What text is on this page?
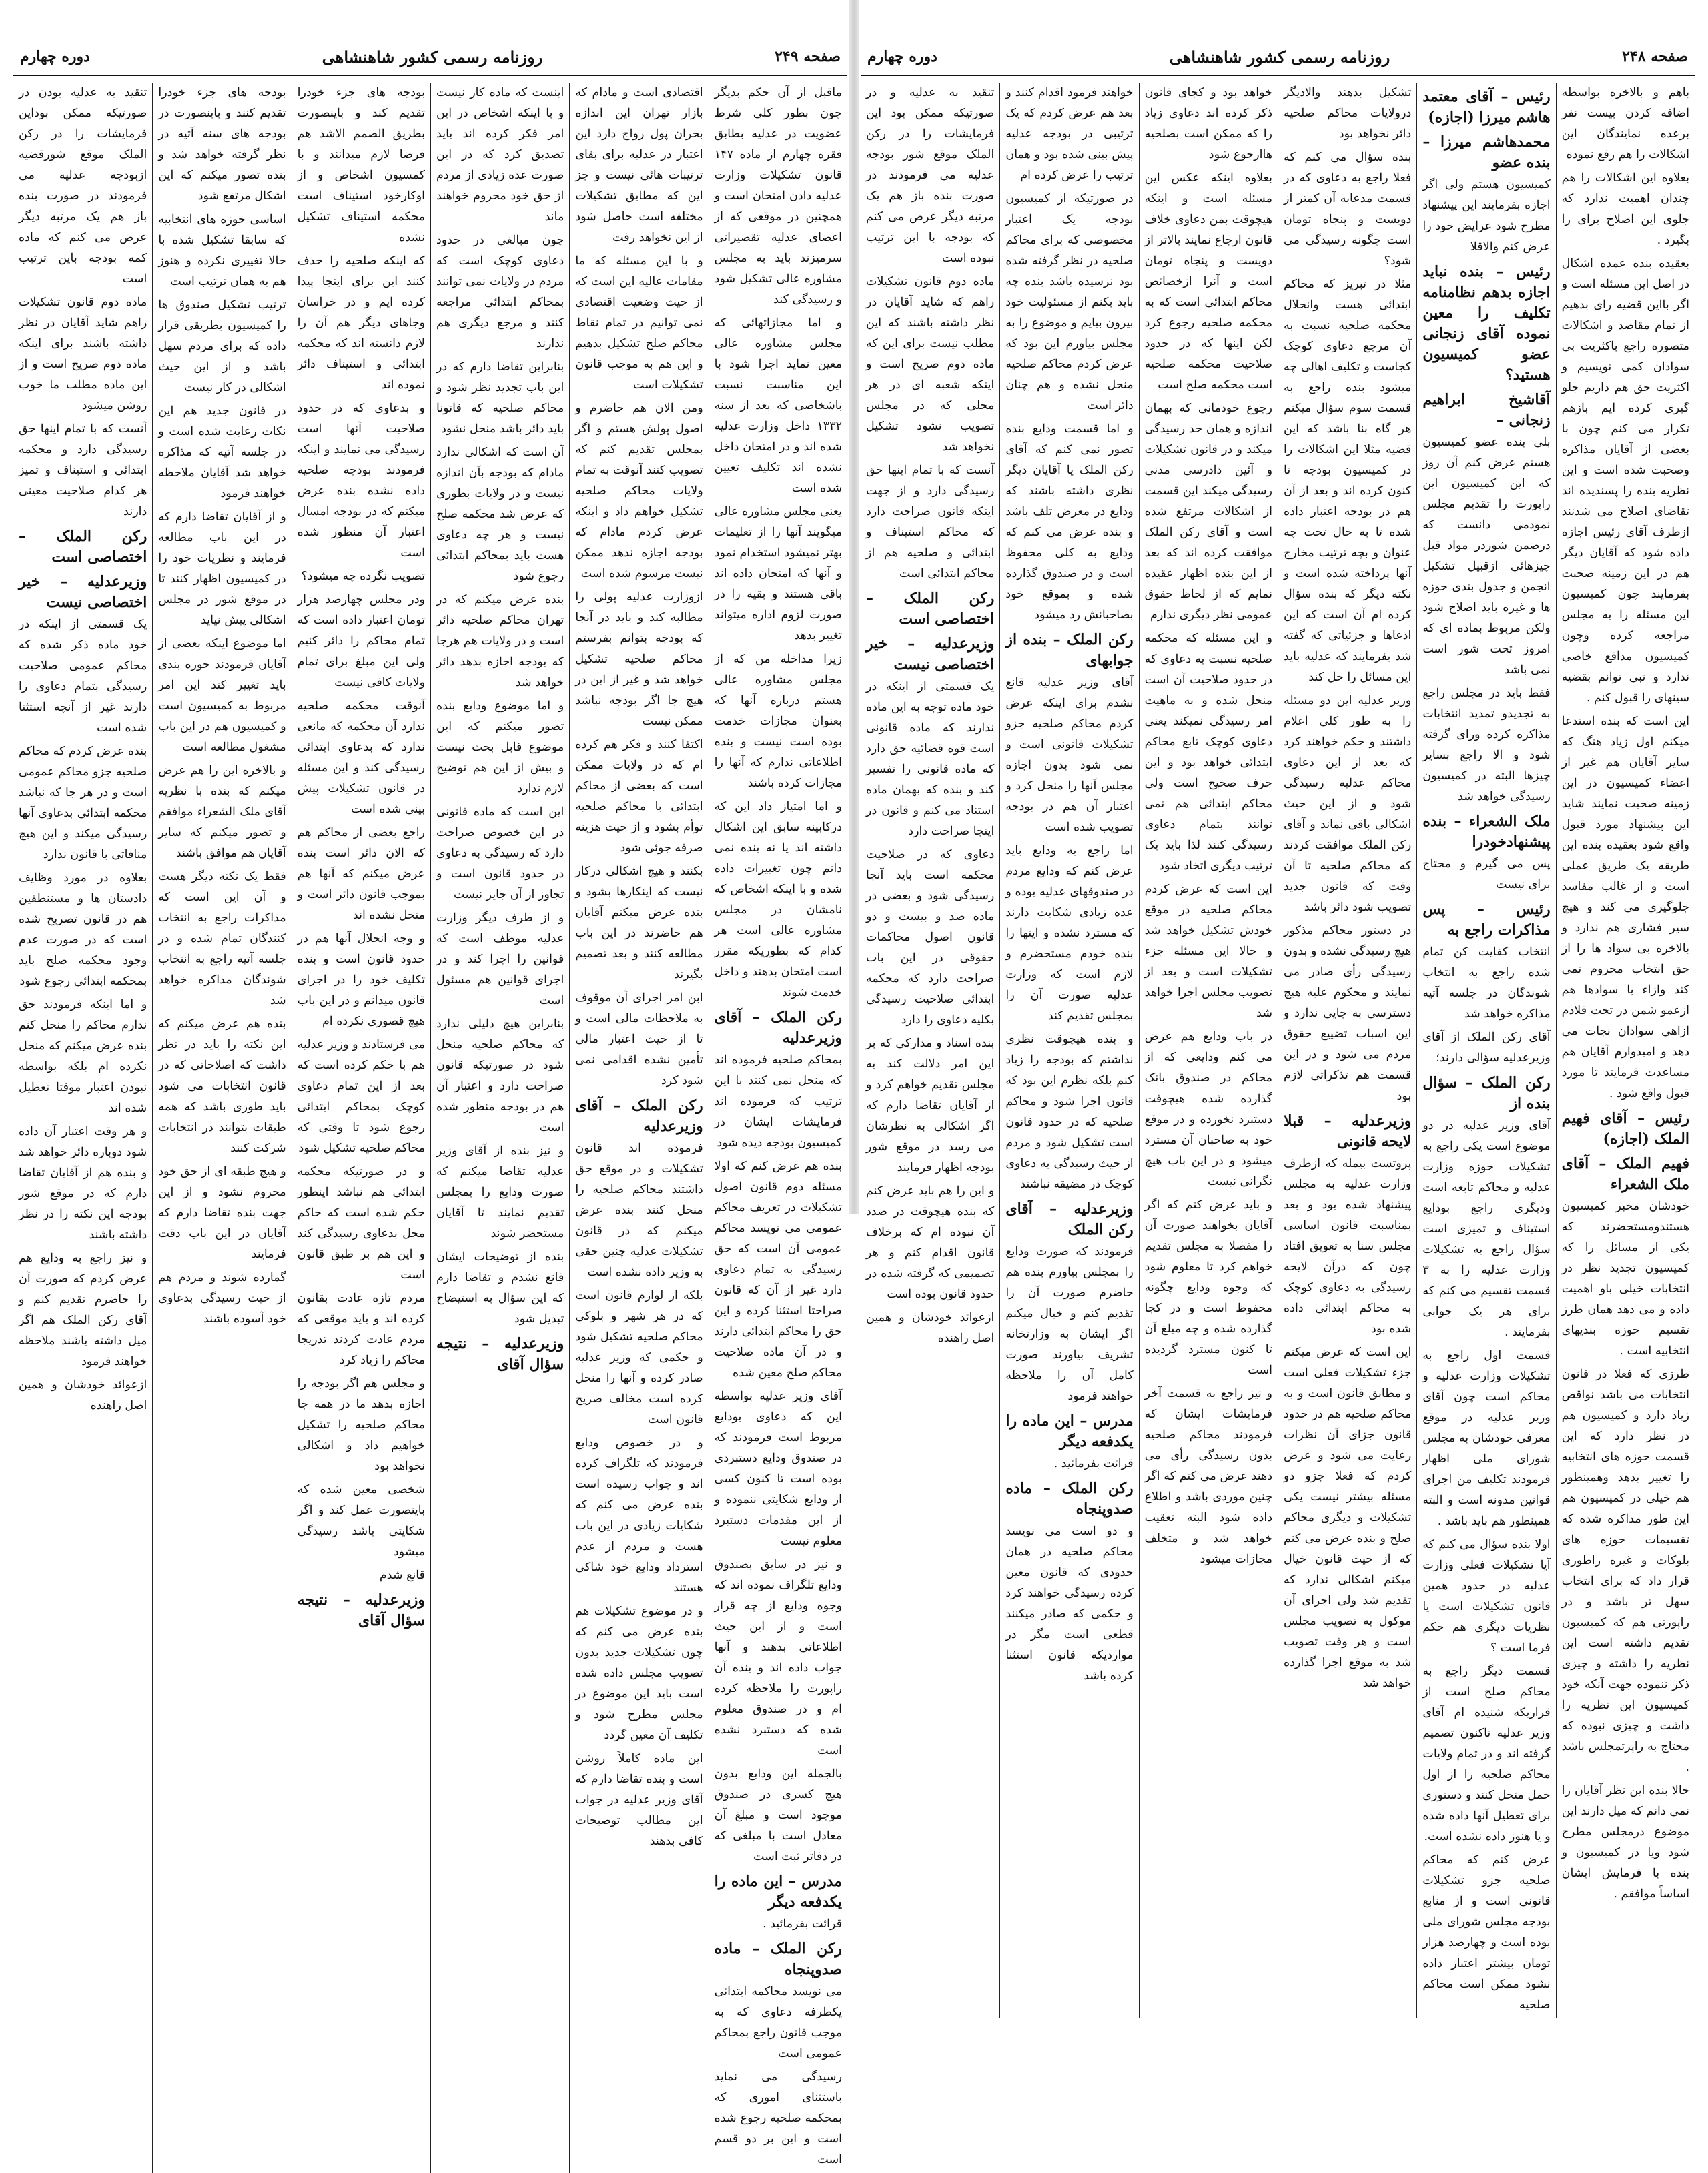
صفحه ۲۴۹
روزنامه رسمی کشور شاهنشاهی
دوره چهارم

ماقبل از آن حکم بدیگر چون بطور کلی شرط عضویت در عدلیه بطابق فقره چهارم از ماده ۱۴۷ قانون تشکیلات وزارت عدلیه دادن امتحان است و همچنین در موقعی که از اعضای عدلیه تقصیراتی سرمیزند باید به مجلس مشاوره عالی تشکیل شود و رسیدگی کند

و اما مجازاتهائی که مجلس مشاوره عالی معین نماید اجرا شود با این مناسبت نسبت باشخاصی که بعد از سنه ۱۳۳۲ داخل وزارت عدلیه شده اند و در امتحان داخل نشده اند تکلیف تعیین شده است

یعنی مجلس مشاوره عالی میگویند آنها را از تعلیمات بهتر نمیشود استخدام نمود و آنها که امتحان داده اند باقی هستند و بقیه را در صورت لزوم اداره میتواند تغییر بدهد

زیرا مداخله من که از مجلس مشاوره عالی هستم درباره آنها که بعنوان مجازات خدمت بوده است نیست و بنده اطلاعاتی ندارم که آنها را مجازات کرده باشند

و اما امتیاز داد این که درکابینه سابق این اشکال داشته اند یا نه بنده نمی دانم چون تغییرات داده شده و با اینکه اشخاص که نامشان در مجلس مشاوره عالی است هر کدام که بطوریکه مقرر است امتحان بدهند و داخل خدمت شوند

رکن الملک – آقای وزیرعدلیه

بمحاکم صلحیه فرموده اند که منحل نمی کنند با این ترتیب که فرموده اند فرمایشات ایشان در کمیسیون بودجه دیده شود

بنده هم عرض کنم که اولا مسئله دوم قانون اصول تشکیلات در تعریف محاکم عمومی می نویسد محاکم عمومی آن است که حق رسیدگی به تمام دعاوی دارد غیر از آن که قانون صراحتا استثنا کرده و این حق را محاکم ابتدائی دارند و در آن ماده صلاحیت محاکم صلح معین شده

آقای وزیر عدلیه بواسطه این که دعاوی بودایع مربوط است فرمودند که در صندوق ودایع دستبردی بوده است تا کنون کسی از ودایع شکایتی ننموده و از این مقدمات دستبرد معلوم نیست

و نیز در سابق بصندوق ودایع تلگراف نموده اند که وجوه ودایع از چه قرار است و از این حیث اطلاعاتی بدهند و آنها جواب داده اند و بنده آن راپورت را ملاحظه کرده ام و در صندوق معلوم شده که دستبرد نشده است

بالجمله این ودایع بدون هیچ کسری در صندوق موجود است و مبلغ آن معادل است با مبلغی که در دفاتر ثبت است

مدرس – این ماده را یکدفعه دیگر

قرائت بفرمائید .

رکن الملک – ماده صدوپنجاه

می نویسد محاکمه ابتدائی یکطرفه دعاوی که به موجب قانون راجع بمحاکم عمومی است

رسیدگی می نماید باستثنای اموری که بمحکمه صلحیه رجوع شده است و این بر دو قسم است

اقتصادی است و مادام که بازار تهران این اندازه بحران پول رواج دارد این اعتبار در عدلیه برای بقای ترتیبات هائی نیست و جز این که مطابق تشکیلات مختلفه است حاصل شود از این نخواهد رفت

و با این مسئله که ما مقامات عالیه این است که از حیث وضعیت اقتصادی نمی توانیم در تمام نقاط محاکم صلح تشکیل بدهیم و این هم به موجب قانون تشکیلات است

ومن الان هم حاضرم و اصول پولش هستم و اگر بمجلس تقدیم کنم که تصویب کنند آنوقت به تمام ولایات محاکم صلحیه تشکیل خواهم داد و اینکه عرض کردم مادام که بودجه اجازه ندهد ممکن نیست مرسوم شده است

ازوزارت عدلیه پولی را مطالبه کند و باید در آنجا که بودجه بتوانم بفرستم محاکم صلحیه تشکیل خواهد شد و غیر از این در هیچ جا اگر بودجه نباشد ممکن نیست

اکتفا کنند و فکر هم کرده ام که در ولایات ممکن است که بعضی از محاکم ابتدائی با محاکم صلحیه توأم بشود و از حیث هزینه صرفه جوئی شود

بکنند و هیچ اشکالی درکار نیست که اینکارها بشود و بنده عرض میکنم آقایان هم حاضرند در این باب مطالعه کنند و بعد تصمیم بگیرند

ابن امر اجرای آن موقوف به ملاحظات مالی است و تا از حیث اعتبار مالی تأمین نشده اقدامی نمی شود کرد

رکن الملک – آقای وزیرعدلیه

فرموده اند قانون تشکیلات و در موقع حق داشتند محاکم صلحیه را منحل کنند بنده عرض میکنم که در قانون تشکیلات عدلیه چنین حقی به وزیر داده نشده است

بلکه از لوازم قانون است که در هر شهر و بلوکی محاکم صلحیه تشکیل شود و حکمی که وزیر عدلیه صادر کرده و آنها را منحل کرده است مخالف صریح قانون است

و در خصوص ودایع فرمودند که تلگراف کرده اند و جواب رسیده است بنده عرض می کنم که شکایات زیادی در این باب هست و مردم از عدم استرداد ودایع خود شاکی هستند

و در موضوع تشکیلات هم بنده عرض می کنم که چون تشکیلات جدید بدون تصویب مجلس داده شده است باید این موضوع در مجلس مطرح شود و تکلیف آن معین گردد

این ماده کاملاً روشن است و بنده تقاضا دارم که آقای وزیر عدلیه در جواب این مطالب توضیحات کافی بدهند

اینست که ماده کار نیست و با اینکه اشخاص در این امر فکر کرده اند باید تصدیق کرد که در این صورت عده زیادی از مردم از حق خود محروم خواهند ماند

چون مبالغی در حدود دعاوی کوچک است که مردم در ولایات نمی توانند بمحاکم ابتدائی مراجعه کنند و مرجع دیگری هم ندارند

بنابراین تقاضا دارم که در این باب تجدید نظر شود و محاکم صلحیه که قانونا باید دائر باشد منحل نشود

آن است که اشکالی ندارد مادام که بودجه بآن اندازه نیست و در ولایات بطوری که عرض شد محکمه صلح نیست و هر چه دعاوی هست باید بمحاکم ابتدائی رجوع شود

بنده عرض میکنم که در تهران محاکم صلحیه دائر است و در ولایات هم هرجا که بودجه اجازه بدهد دائر خواهد شد

و اما موضوع ودایع بنده تصور میکنم که این موضوع قابل بحث نیست و بیش از این هم توضیح لازم ندارد

این است که ماده قانونی در این خصوص صراحت دارد که رسیدگی به دعاوی در حدود قانون است و تجاوز از آن جایز نیست

و از طرف دیگر وزارت عدلیه موظف است که قوانین را اجرا کند و در اجرای قوانین هم مسئول است

بنابراین هیچ دلیلی ندارد که محاکم صلحیه منحل شود در صورتیکه قانون صراحت دارد و اعتبار آن هم در بودجه منظور شده است

و نیز بنده از آقای وزیر عدلیه تقاضا میکنم که صورت ودایع را بمجلس تقدیم نمایند تا آقایان مستحضر شوند

بنده از توضیحات ایشان قانع نشدم و تقاضا دارم که این سؤال به استیضاح تبدیل شود

وزیرعدلیه – نتیجه سؤال آقای

بودجه های جزء خودرا تقدیم کند و باینصورت بطریق الصمم الاشد هم فرضا لازم میدانند و با کمسیون اشخاص و از اوکارخود استیناف است محکمه استیناف تشکیل نشده

که اینکه صلحیه را حذف کنند این برای اینجا پیدا کرده ایم و در خراسان وجاهای دیگر هم آن را لازم دانسته اند که محکمه ابتدائی و استیناف دائر نموده اند

و بدعاوی که در حدود صلاحیت آنها است رسیدگی می نمایند و اینکه فرمودند بودجه صلحیه داده نشده بنده عرض میکنم که در بودجه امسال اعتبار آن منظور شده است

تصویب نگرده چه میشود؟

ودر مجلس چهارصد هزار تومان اعتبار داده است که تمام محاکم را دائر کنیم ولی این مبلغ برای تمام ولایات کافی نیست

آنوقت محکمه صلحیه ندارد آن محکمه که مانعی ندارد که بدعاوی ابتدائی رسیدگی کند و این مسئله در قانون تشکیلات پیش بینی شده است

راجع بعضی از محاکم هم که الان دائر است بنده عرض میکنم که آنها هم بموجب قانون دائر است و منحل نشده اند

و وجه انحلال آنها هم در حدود قانون است و بنده تکلیف خود را در اجرای قانون میدانم و در این باب هیچ قصوری نکرده ام

می فرستادند و وزیر عدلیه هم با حکم کرده است که بعد از این تمام دعاوی کوچک بمحاکم ابتدائی رجوع شود تا وقتی که محاکم صلحیه تشکیل شود

و در صورتیکه محکمه ابتدائی هم نباشد اینطور حکم شده است که حاکم محل بدعاوی رسیدگی کند و این هم بر طبق قانون است

مردم تازه عادت بقانون کرده اند و باید موقعی که مردم عادت کردند تدریجا محاکم را زیاد کرد

و مجلس هم اگر بودجه را اجازه بدهد ما در همه جا محاکم صلحیه را تشکیل خواهیم داد و اشکالی نخواهد بود

شخصی معین شده که باینصورت عمل کند و اگر شکایتی باشد رسیدگی میشود

قانع شدم

وزیرعدلیه – نتیجه سؤال آقای

بودجه های جزء خودرا تقدیم کنند و باینصورت در بودجه های سنه آتیه در نظر گرفته خواهد شد و بنده تصور میکنم که این اشکال مرتفع شود

اساسی حوزه های انتخابیه که سابقا تشکیل شده با حالا تغییری نکرده و هنوز هم به همان ترتیب است

ترتیب تشکیل صندوق ها را کمیسیون بطریقی قرار داده که برای مردم سهل باشد و از این حیث اشکالی در کار نیست

در قانون جدید هم این نکات رعایت شده است و در جلسه آتیه که مذاکره خواهد شد آقایان ملاحظه خواهند فرمود

و از آقایان تقاضا دارم که در این باب مطالعه فرمایند و نظریات خود را در کمیسیون اظهار کنند تا در موقع شور در مجلس اشکالی پیش نیاید

اما موضوع اینکه بعضی از آقایان فرمودند حوزه بندی باید تغییر کند این امر مربوط به کمیسیون است و کمیسیون هم در این باب مشغول مطالعه است

و بالاخره این را هم عرض میکنم که بنده با نظریه آقای ملک الشعراء موافقم و تصور میکنم که سایر آقایان هم موافق باشند

فقط یک نکته دیگر هست و آن این است که مذاکرات راجع به انتخاب کنندگان تمام شده و در جلسه آتیه راجع به انتخاب شوندگان مذاکره خواهد شد

بنده هم عرض میکنم که این نکته را باید در نظر داشت که اصلاحاتی که در قانون انتخابات می شود باید طوری باشد که همه طبقات بتوانند در انتخابات شرکت کنند

و هیچ طبقه ای از حق خود محروم نشود و از این جهت بنده تقاضا دارم که آقایان در این باب دقت فرمایند

گمارده شوند و مردم هم از حیث رسیدگی بدعاوی خود آسوده باشند

تنقید به عدلیه بودن در صورتیکه ممکن بوداین فرمایشات را در رکن الملک موقع شورقضیه ازبودجه عدلیه می فرمودند در صورت بنده باز هم یک مرتبه دیگر عرض می کنم که ماده کمه بودجه باین ترتیب است

ماده دوم قانون تشکیلات راهم شاید آقایان در نظر داشته باشند برای اینکه ماده دوم صریح است و از این ماده مطلب ما خوب روشن میشود

آنست که با تمام اینها حق رسیدگی دارد و محکمه ابتدائی و استیناف و تمیز هر کدام صلاحیت معینی دارند

رکن الملک – اختصاصی است
وزیرعدلیه – خیر اختصاصی نیست

یک قسمتی از اینکه در خود ماده ذکر شده که محاکم عمومی صلاحیت رسیدگی بتمام دعاوی را دارند غیر از آنچه استثنا شده است

بنده عرض کردم که محاکم صلحیه جزو محاکم عمومی است و در هر جا که نباشد محکمه ابتدائی بدعاوی آنها رسیدگی میکند و این هیچ منافاتی با قانون ندارد

بعلاوه در مورد وظایف دادستان ها و مستنطقین هم در قانون تصریح شده است که در صورت عدم وجود محکمه صلح باید بمحکمه ابتدائی رجوع شود

و اما اینکه فرمودند حق ندارم محاکم را منحل کنم بنده عرض میکنم که منحل نکرده ام بلکه بواسطه نبودن اعتبار موقتا تعطیل شده اند

و هر وقت اعتبار آن داده شود دوباره دائر خواهد شد و بنده هم از آقایان تقاضا دارم که در موقع شور بودجه این نکته را در نظر داشته باشند

و نیز راجع به ودایع هم عرض کردم که صورت آن را حاضرم تقدیم کنم و آقای رکن الملک هم اگر میل داشته باشند ملاحظه خواهند فرمود

ازعوائد خودشان و همین اصل راهنده

صفحه ۲۴۸
روزنامه رسمی کشور شاهنشاهی
دوره چهارم

باهم و بالاخره بواسطه اضافه کردن بیست نفر برعده نمایندگان این اشکالات را هم رفع نموده

بعلاوه این اشکالات را هم چندان اهمیت ندارد که جلوی این اصلاح برای را بگیرد .

بعقیده بنده عمده اشکال در اصل این مسئله است و اگر بااین قضیه رای بدهیم از تمام مقاصد و اشکالات متصوره راجع باکثریت بی سوادان کمی نویسیم و اکثریت حق هم داریم جلو گیری کرده ایم بازهم تکرار می کنم چون با بعضی از آقایان مذاکره وصحبت شده است و این نظریه بنده را پسندیده اند تقاضای اصلاح می شدنند ازطرف آقای رئیس اجازه داده شود که آقایان دیگر هم در این زمینه صحبت بفرمایند چون کمیسیون این مسئله را به مجلس مراجعه کرده وچون کمیسیون مدافع خاصی ندارد و نبی توانم بقضیه سینهای را قبول کنم .

این است که بنده استدعا میکنم اول زیاد هنگ که سایر آقایان هم غیر از اعضاء کمیسیون در این زمینه صحبت نمایند شاید این پیشنهاد مورد قبول واقع شود بعقیده بنده این طریقه یک طریق عملی است و از غالب مفاسد جلوگیری می کند و هیچ سیر فشاری هم ندارد و بالاخره بی سواد ها را از حق انتخاب محروم نمی کند وازاء با سوادها هم ازعمو شمن در تحت قلادم ازاهی سوادان نجات می دهد و امیدوارم آقایان هم مساعدت فرمایند تا مورد قبول واقع شود .

رئیس – آقای فهیم الملک (اجازه)
فهیم الملک – آقای ملک الشعراء

خودشان مخبر کمیسیون هستندومستحضرند که یکی از مسائل را که کمیسیون تجدید نظر در انتخابات خیلی باو اهمیت داده و می دهد همان طرز تقسیم حوزه بندیهای انتخابیه است .

طرزی که فعلا در قانون انتخابات می باشد نواقص زیاد دارد و کمیسیون هم در نظر دارد که این قسمت حوزه های انتخابیه را تغییر بدهد وهمینطور هم خیلی در کمیسیون هم این طور مذاکره شده که تقسیمات حوزه های بلوکات و غیره راطوری قرار داد که برای انتخاب سهل تر باشد و در راپورتی هم که کمیسیون تقدیم داشته است این نظریه را داشته و چیزی ذکر ننموده جهت آنکه خود کمیسیون این نظریه را داشت و چیزی نبوده که محتاج به راپرتمجلس باشد .

حالا بنده این نظر آقایان را نمی دانم که میل دارند این موضوع درمجلس مطرح شود ویا در کمیسیون و بنده با فرمایش ایشان اساساً موافقم .

رئیس – آقای معتمد هاشم میرزا (اجازه)
محمدهاشم میرزا – بنده عضو

کمیسیون هستم ولی اگر اجازه بفرمایند این پیشنهاد مطرح شود عرایض خود را عرض کنم والاقلا

رئیس – بنده نباید اجازه بدهم نظامنامه تکلیف را معین نموده آقای زنجانی عضو کمیسیون هستید؟
آقاشیخ ابراهیم زنجانی –

بلی بنده عضو کمیسیون هستم عرض کنم آن روز که این کمیسیون این راپورت را تقدیم مجلس نمودمی دانست که درضمن شوردر مواد قبل چیزهائی ازقبیل تشکیل انجمن و جدول بندی حوزه ها و غیره باید اصلاح شود ولکن مربوط بماده ای که امروز تحت شور است نمی باشد

فقط باید در مجلس راجع به تجدیدو تمدید انتخابات مذاکره کرده ورای گرفته شود و الا راجع بسایر چیزها البته در کمیسیون رسیدگی خواهد شد

ملک الشعراء – بنده پیشنهادخودرا

پس می گیرم و محتاج برای نیست

رئیس – پس مذاکرات راجع به

انتخاب کفایت کن تمام شده راجع به انتخاب شوندگان در جلسه آتیه مذاکره خواهد شد

آقای رکن الملک از آقای وزیرعدلیه سؤالی دارند؛

رکن الملک – سؤال بنده از

آقای وزیر عدلیه در دو موضوع است یکی راجع به تشکیلات حوزه وزارت عدلیه و محاکم تابعه است ودیگری راجع بودایع استیناف و تمیزی است سؤال راجع به تشکیلات وزارت عدلیه را به ۳ قسمت تقسیم می کنم که برای هر یک جوابی بفرمایند .

قسمت اول راجع به تشکیلات وزارت عدلیه و محاکم است چون آقای وزیر عدلیه در موقع معرفی خودشان به مجلس شورای ملی اظهار فرمودند تکلیف من اجرای قوانین مدونه است و البته همینطور هم باید باشد .

اولا بنده سؤال می کنم که آیا تشکیلات فعلی وزارت عدلیه در حدود همین قانون تشکیلات است یا نظریات دیگری هم حکم فرما است ؟

قسمت دیگر راجع به محاکم صلح است از قراریکه شنیده ام آقای وزیر عدلیه تاکنون تصمیم گرفته اند و در تمام ولایات محاکم صلحیه را از اول حمل منحل کنند و دستوری برای تعطیل آنها داده شده و یا هنوز داده نشده است.

عرض کنم که محاکم صلحیه جزو تشکیلات قانونی است و از منابع بودجه مجلس شورای ملی بوده است و چهارصد هزار تومان بیشتر اعتبار داده نشود ممکن است محاکم صلحیه

تشکیل بدهند والادیگر درولایات محاکم صلحیه دائر نخواهد بود

بنده سؤال می کنم که فعلا راجع به دعاوی که در قسمت مدعابه آن کمتر از دویست و پنجاه تومان است چگونه رسیدگی می شود؟

مثلا در تبریز که محاکم ابتدائی هست وانحلال محکمه صلحیه نسبت به آن مرجع دعاوی کوچک کجاست و تکلیف اهالی چه میشود بنده راجع به قسمت سوم سؤال میکنم هر گاه بنا باشد که این قضیه مثلا این اشکالات را در کمیسیون بودجه تا کنون کرده اند و بعد از آن هم در بودجه اعتبار داده شده تا به حال تحت چه عنوان و بچه ترتیب مخارج آنها پرداخته شده است و نکته دیگر که بنده سؤال کرده ام آن است که این ادعاها و جزئیاتی که گفته شد بفرمایند که عدلیه باید این مسائل را حل کند

وزیر عدلیه این دو مسئله را به طور کلی اعلام داشتند و حکم خواهند کرد که بعد از این دعاوی محاکم عدلیه رسیدگی شود و از این حیث اشکالی باقی نماند و آقای رکن الملک موافقت کردند که محاکم صلحیه تا آن وقت که قانون جدید تصویب شود دائر باشد

در دستور محاکم مذکور هیچ رسیدگی نشده و بدون رسیدگی رأی صادر می نمایند و محکوم علیه هیچ دسترسی به جایی ندارد و این اسباب تضییع حقوق مردم می شود و در این قسمت هم تذکراتی لازم بود

وزیرعدلیه – قبلا لایحه قانونی

پروتست بیمله که ازطرف وزارت عدلیه به مجلس پیشنهاد شده بود و بعد بمناسبت قانون اساسی مجلس سنا به تعویق افتاد چون که درآن لایحه رسیدگی به دعاوی کوچک به محاکم ابتدائی داده شده بود

این است که عرض میکنم جزء تشکیلات فعلی است و مطابق قانون است و به محاکم صلحیه هم در حدود قانون جزای آن نظرات رعایت می شود و عرض کردم که فعلا جزو دو مسئله بیشتر نیست یکی تشکیلات و دیگری محاکم صلح و بنده عرض می کنم که از حیث قانون خیال میکنم اشکالی ندارد که تقدیم شد ولی اجرای آن موکول به تصویب مجلس است و هر وقت تصویب شد به موقع اجرا گذارده خواهد شد

خواهد بود و کجای قانون ذکر کرده اند دعاوی زیاد را که ممکن است بصلحیه هاارجوع شود

بعلاوه اینکه عکس این مسئله است و اینکه هیچوقت بمن دعاوی خلاف قانون ارجاع نمایند بالاتر از دویست و پنجاه تومان است و آنرا ازخصائص محاکم ابتدائی است که به محکمه صلحیه رجوع کرد لکن اینها که در حدود صلاحیت محکمه صلحیه است محکمه صلح است

رجوع خودمانی که بهمان اندازه و همان حد رسیدگی میکند و در قانون تشکیلات و آئین دادرسی مدنی رسیدگی میکند این قسمت از اشکالات مرتفع شده است و آقای رکن الملک موافقت کرده اند که بعد از این بنده اظهار عقیده نمایم که از لحاظ حقوق عمومی نظر دیگری ندارم

و این مسئله که محکمه صلحیه نسبت به دعاوی که در حدود صلاحیت آن است منحل شده و به ماهیت امر رسیدگی نمیکند یعنی دعاوی کوچک تابع محاکم ابتدائی خواهد بود و این حرف صحیح است ولی محاکم ابتدائی هم نمی توانند بتمام دعاوی رسیدگی کنند لذا باید یک ترتیب دیگری اتخاذ شود

این است که عرض کردم محاکم صلحیه در موقع خودش تشکیل خواهد شد و حالا این مسئله جزء تشکیلات است و بعد از تصویب مجلس اجرا خواهد شد

در باب ودایع هم عرض می کنم ودایعی که از محاکم در صندوق بانک گذارده شده هیچوقت دستبرد نخورده و در موقع خود به صاحبان آن مسترد میشود و در این باب هیچ نگرانی نیست

و باید عرض کنم که اگر آقایان بخواهند صورت آن را مفصلا به مجلس تقدیم خواهم کرد تا معلوم شود که وجوه ودایع چگونه محفوظ است و در کجا گذارده شده و چه مبلغ آن تا کنون مسترد گردیده است

و نیز راجع به قسمت آخر فرمایشات ایشان که فرمودند محاکم صلحیه بدون رسیدگی رأی می دهند عرض می کنم که اگر چنین موردی باشد و اطلاع داده شود البته تعقیب خواهد شد و متخلف مجازات میشود

خواهند فرمود اقدام کنند و بعد هم عرض کردم که یک ترتیبی در بودجه عدلیه پیش بینی شده بود و همان ترتیب را عرض کرده ام

در صورتیکه از کمیسیون بودجه یک اعتبار مخصوصی که برای محاکم صلحیه در نظر گرفته شده بود نرسیده باشد بنده چه باید بکنم از مسئولیت خود بیرون بیایم و موضوع را به مجلس بیاورم این بود که عرض کردم محاکم صلحیه منحل نشده و هم چنان دائر است

و اما قسمت ودایع بنده تصور نمی کنم که آقای رکن الملک یا آقایان دیگر نظری داشته باشند که ودایع در معرض تلف باشد و بنده عرض می کنم که ودایع به کلی محفوظ است و در صندوق گذارده شده و بموقع خود بصاحبانش رد میشود

رکن الملک – بنده از جوابهای

آقای وزیر عدلیه قانع نشدم برای اینکه عرض کردم محاکم صلحیه جزو تشکیلات قانونی است و نمی شود بدون اجازه مجلس آنها را منحل کرد و اعتبار آن هم در بودجه تصویب شده است

اما راجع به ودایع باید عرض کنم که ودایع مردم در صندوقهای عدلیه بوده و عده زیادی شکایت دارند که مسترد نشده و اینها را بنده خودم مستحضرم و لازم است که وزارت عدلیه صورت آن را بمجلس تقدیم کند

و بنده هیچوقت نظری نداشتم که بودجه را زیاد کنم بلکه نظرم این بود که قانون اجرا شود و محاکم صلحیه که در حدود قانون است تشکیل شود و مردم از حیث رسیدگی به دعاوی کوچک در مضیقه نباشند

وزیرعدلیه – آقای رکن الملک

فرمودند که صورت ودایع را بمجلس بیاورم بنده هم حاضرم صورت آن را تقدیم کنم و خیال میکنم اگر ایشان به وزارتخانه تشریف بیاورند صورت کامل آن را ملاحظه خواهند فرمود

مدرس – این ماده را یکدفعه دیگر

قرائت بفرمائید .

رکن الملک – ماده صدوپنجاه

و دو است می نویسد محاکم صلحیه در همان حدودی که قانون معین کرده رسیدگی خواهند کرد و حکمی که صادر میکنند قطعی است مگر در مواردیکه قانون استثنا کرده باشد

تنقید به عدلیه و در صورتیکه ممکن بود این فرمایشات را در رکن الملک موقع شور بودجه عدلیه می فرمودند در صورت بنده باز هم یک مرتبه دیگر عرض می کنم که بودجه با این ترتیب نبوده است

ماده دوم قانون تشکیلات راهم که شاید آقایان در نظر داشته باشند که این مطلب نیست برای این که ماده دوم صریح است و اینکه شعبه ای در هر محلی که در مجلس تصویب نشود تشکیل نخواهد شد

آنست که با تمام اینها حق رسیدگی دارد و از جهت اینکه قانون صراحت دارد که محاکم استیناف و ابتدائی و صلحیه هم از محاکم ابتدائی است

رکن الملک – اختصاصی است
وزیرعدلیه – خیر اختصاصی نیست

یک قسمتی از اینکه در خود ماده توجه به این ماده ندارند که ماده قانونی است قوه قضائیه حق دارد که ماده قانونی را تفسیر کند و بنده که بهمان ماده استناد می کنم و قانون در اینجا صراحت دارد

دعاوی که در صلاحیت محکمه است باید آنجا رسیدگی شود و بعضی در ماده صد و بیست و دو قانون اصول محاکمات حقوقی در این باب صراحت دارد که محکمه ابتدائی صلاحیت رسیدگی بکلیه دعاوی را دارد

بنده اسناد و مدارکی که بر این امر دلالت کند به مجلس تقدیم خواهم کرد و از آقایان تقاضا دارم که اگر اشکالی به نظرشان می رسد در موقع شور بودجه اظهار فرمایند

و این را هم باید عرض کنم که بنده هیچوقت در صدد آن نبوده ام که برخلاف قانون اقدام کنم و هر تصمیمی که گرفته شده در حدود قانون بوده است

ازعوائد خودشان و همین اصل راهنده
